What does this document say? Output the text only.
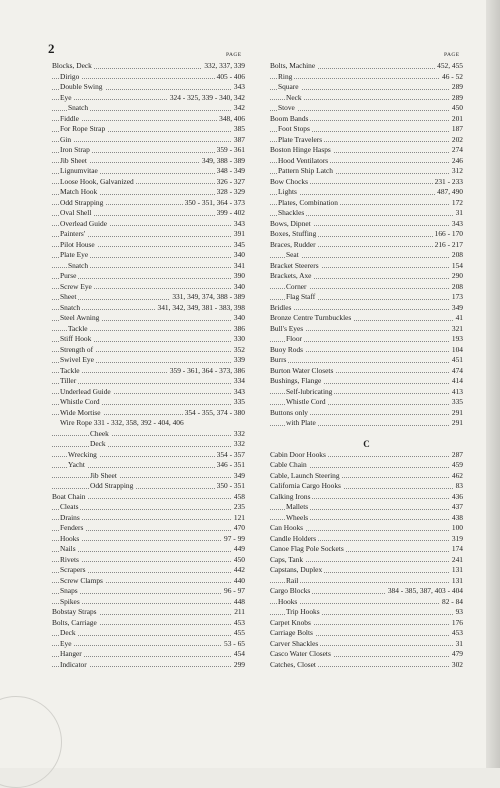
2	PAGE	PAGE
Blocks, Deck	332, 337, 339
Dirigo	405 - 406
Double Swing	343
Eye	324 - 325, 339 - 340, 342
Snatch	342
Fiddle	348, 406
For Rope Strap	385
Gin	387
Iron Strap	359 - 361
Jib Sheet	349, 388 - 389
Lignumvitae	348 - 349
Loose Hook, Galvanized	326 - 327
Match Hook	328 - 329
Odd Strapping	350 - 351, 364 - 373
Oval Shell	399 - 402
Overlead Guide	343
Painters'	391
Pilot House	345
Plate Eye	340
Snatch	341
Purse	390
Screw Eye	340
Sheet	331, 349, 374, 388 - 389
Snatch	341, 342, 349, 381 - 383, 398
Steel Awning	340
Tackle	386
Stiff Hook	330
Strength of	352
Swivel Eye	339
Tackle	359 - 361, 364 - 373, 386
Tiller	334
Underlead Guide	343
Whistle Cord	335
Wide Mortise	354 - 355, 374 - 380
Wire Rope 331 - 332, 358, 392 - 404, 406
Cheek	332
Deck	332
Wrecking	354 - 357
Yacht	346 - 351
Jib Sheet	349
Odd Strapping	350 - 351
Boat Chain	458
Cleats	235
Drains	121
Fenders	470
Hooks	97 - 99
Nails	449
Rivets	450
Scrapers	442
Screw Clamps	440
Snaps	96 - 97
Spikes	448
Bobstay Straps	211
Bolts, Carriage	453
Deck	455
Eye	53 - 65
Hanger	454
Indicator	299
Bolts, Machine	452, 455
Ring	46 - 52
Square	289
Neck	289
Stove	450
Boom Bands	201
Foot Stops	187
Plate Travelers	202
Boston Hinge Hasps	274
Hood Ventilators	246
Pattern Ship Latch	312
Bow Chocks	231 - 233
Lights	487, 490
Plates, Combination	172
Shackles	31
Bows, Dipnet	343
Boxes, Stuffing	166 - 170
Braces, Rudder	216 - 217
Seat	208
Bracket Steerers	154
Brackets, Axe	290
Corner	208
Flag Staff	173
Bridles	349
Bronze Centre Turnbuckles	41
Bull's Eyes	321
Floor	193
Buoy Rods	104
Burrs	451
Burton Water Closets	474
Bushings, Flange	414
Self-lubricating	413
Whistle Cord	335
Buttons only	291
with Plate	291
C
Cabin Door Hooks	287
Cable Chain	459
Cable, Launch Steering	462
California Cargo Hooks	83
Calking Irons	436
Mallets	437
Wheels	438
Can Hooks	100
Candle Holders	319
Canoe Flag Pole Sockets	174
Caps, Tank	241
Capstans, Duplex	131
Rail	131
Cargo Blocks	384 - 385, 387, 403 - 404
Hooks	82 - 84
Trip Hooks	93
Carpet Knobs	176
Carriage Bolts	453
Carver Shackles	31
Casco Water Closets	479
Catches, Closet	302
